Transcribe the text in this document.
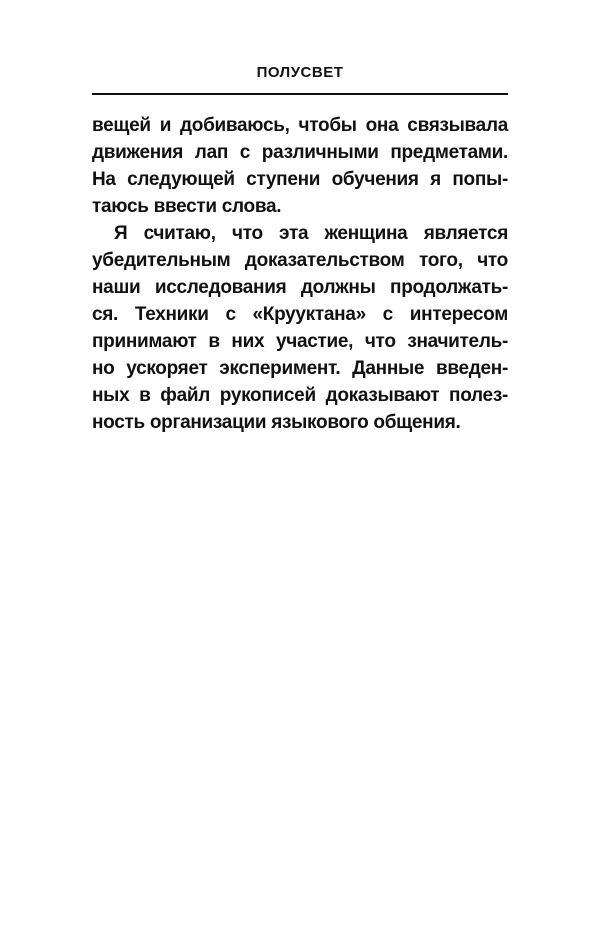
ПОЛУСВЕТ
вещей и добиваюсь, чтобы она связывала
движения лап с различными предметами.
На следующей ступени обучения я попы-
таюсь ввести слова.
Я считаю, что эта женщина является
убедительным доказательством того, что
наши исследования должны продолжать-
ся. Техники с «Крууктана» с интересом
принимают в них участие, что значитель-
но ускоряет эксперимент. Данные введен-
ных в файл рукописей доказывают полез-
ность организации языкового общения.
